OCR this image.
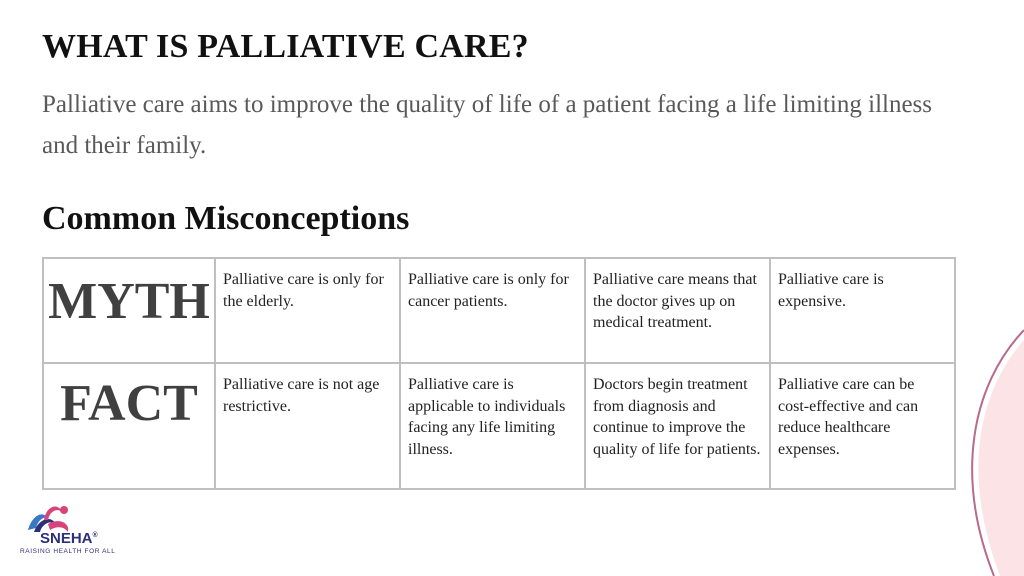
WHAT IS PALLIATIVE CARE?
Palliative care aims to improve the quality of life of a patient facing a life limiting illness and their family.
Common Misconceptions
MYTH	Palliative care is only for the elderly.	Palliative care is only for cancer patients.	Palliative care means that the doctor gives up on medical treatment.	Palliative care is expensive.

FACT	Palliative care is not age restrictive.	Palliative care is applicable to individuals facing any life limiting illness.	Doctors begin treatment from diagnosis and continue to improve the quality of life for patients.	Palliative care can be cost-effective and can reduce healthcare expenses.
SNEHA®
RAISING HEALTH FOR ALL
